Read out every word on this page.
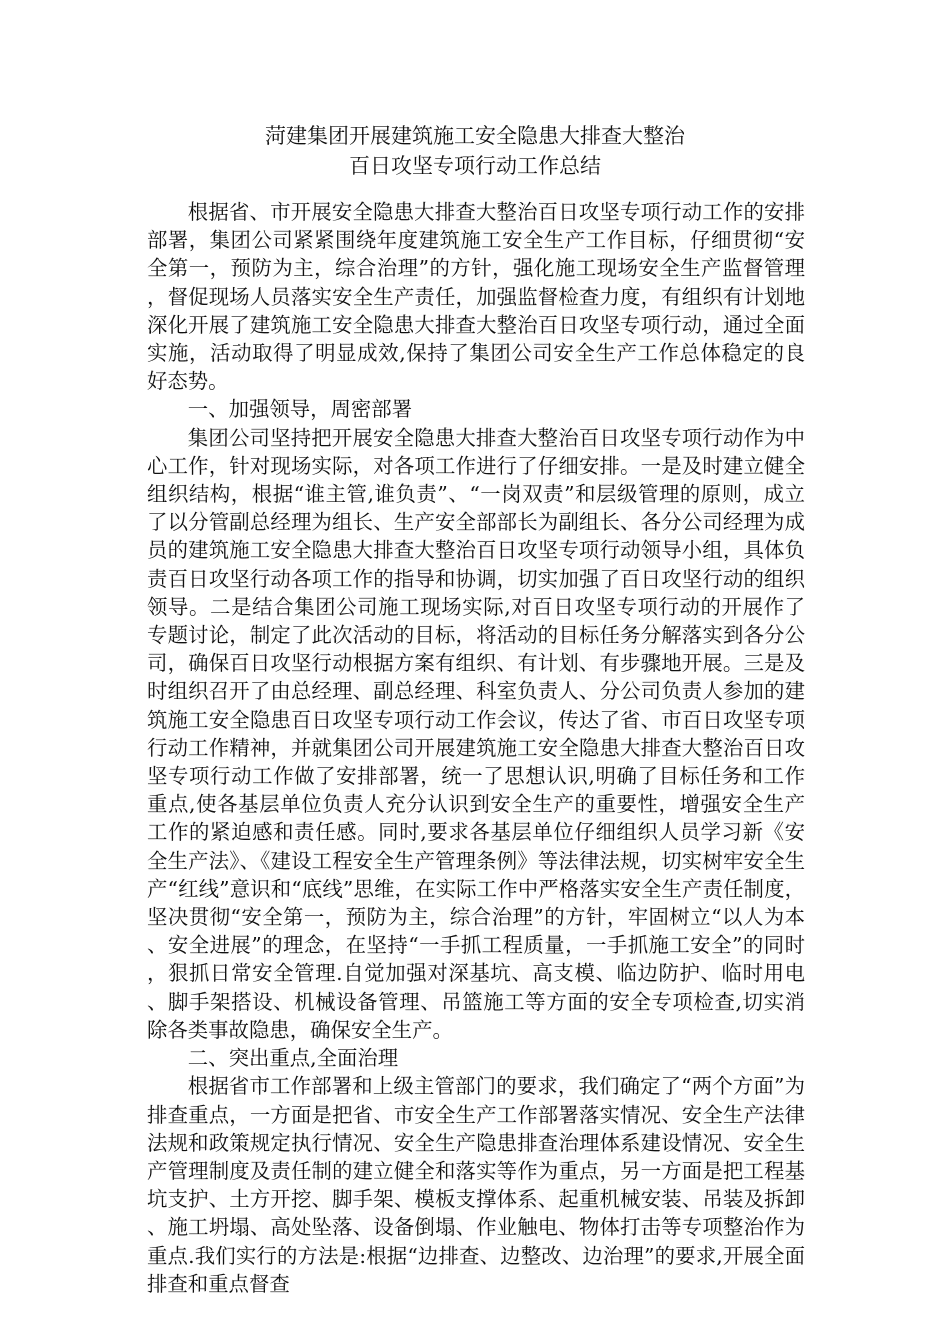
菏建集团开展建筑施工安全隐患大排查大整治
百日攻坚专项行动工作总结

根据省、市开展安全隐患大排查大整治百日攻坚专项行动工作的安排部署，集团公司紧紧围绕年度建筑施工安全生产工作目标，仔细贯彻“安全第一，预防为主，综合治理”的方针，强化施工现场安全生产监督管理，督促现场人员落实安全生产责任，加强监督检查力度，有组织有计划地深化开展了建筑施工安全隐患大排查大整治百日攻坚专项行动，通过全面实施，活动取得了明显成效,保持了集团公司安全生产工作总体稳定的良好态势。

一、加强领导，周密部署

集团公司坚持把开展安全隐患大排查大整治百日攻坚专项行动作为中心工作，针对现场实际，对各项工作进行了仔细安排。一是及时建立健全组织结构，根据“谁主管,谁负责”、“一岗双责”和层级管理的原则，成立了以分管副总经理为组长、生产安全部部长为副组长、各分公司经理为成员的建筑施工安全隐患大排查大整治百日攻坚专项行动领导小组，具体负责百日攻坚行动各项工作的指导和协调，切实加强了百日攻坚行动的组织领导。二是结合集团公司施工现场实际,对百日攻坚专项行动的开展作了专题讨论，制定了此次活动的目标，将活动的目标任务分解落实到各分公司，确保百日攻坚行动根据方案有组织、有计划、有步骤地开展。三是及时组织召开了由总经理、副总经理、科室负责人、分公司负责人参加的建筑施工安全隐患百日攻坚专项行动工作会议，传达了省、市百日攻坚专项行动工作精神，并就集团公司开展建筑施工安全隐患大排查大整治百日攻坚专项行动工作做了安排部署，统一了思想认识,明确了目标任务和工作重点,使各基层单位负责人充分认识到安全生产的重要性，增强安全生产工作的紧迫感和责任感。同时,要求各基层单位仔细组织人员学习新《安全生产法》、《建设工程安全生产管理条例》等法律法规，切实树牢安全生产“红线”意识和“底线”思维，在实际工作中严格落实安全生产责任制度，坚决贯彻“安全第一，预防为主，综合治理”的方针，牢固树立“以人为本、安全进展”的理念，在坚持“一手抓工程质量，一手抓施工安全”的同时，狠抓日常安全管理.自觉加强对深基坑、高支模、临边防护、临时用电、脚手架搭设、机械设备管理、吊篮施工等方面的安全专项检查,切实消除各类事故隐患，确保安全生产。

二、突出重点,全面治理

根据省市工作部署和上级主管部门的要求，我们确定了“两个方面”为排查重点，一方面是把省、市安全生产工作部署落实情况、安全生产法律法规和政策规定执行情况、安全生产隐患排查治理体系建设情况、安全生产管理制度及责任制的建立健全和落实等作为重点，另一方面是把工程基坑支护、土方开挖、脚手架、模板支撑体系、起重机械安装、吊装及拆卸、施工坍塌、高处坠落、设备倒塌、作业触电、物体打击等专项整治作为重点.我们实行的方法是:根据“边排查、边整改、边治理”的要求,开展全面排查和重点督查
